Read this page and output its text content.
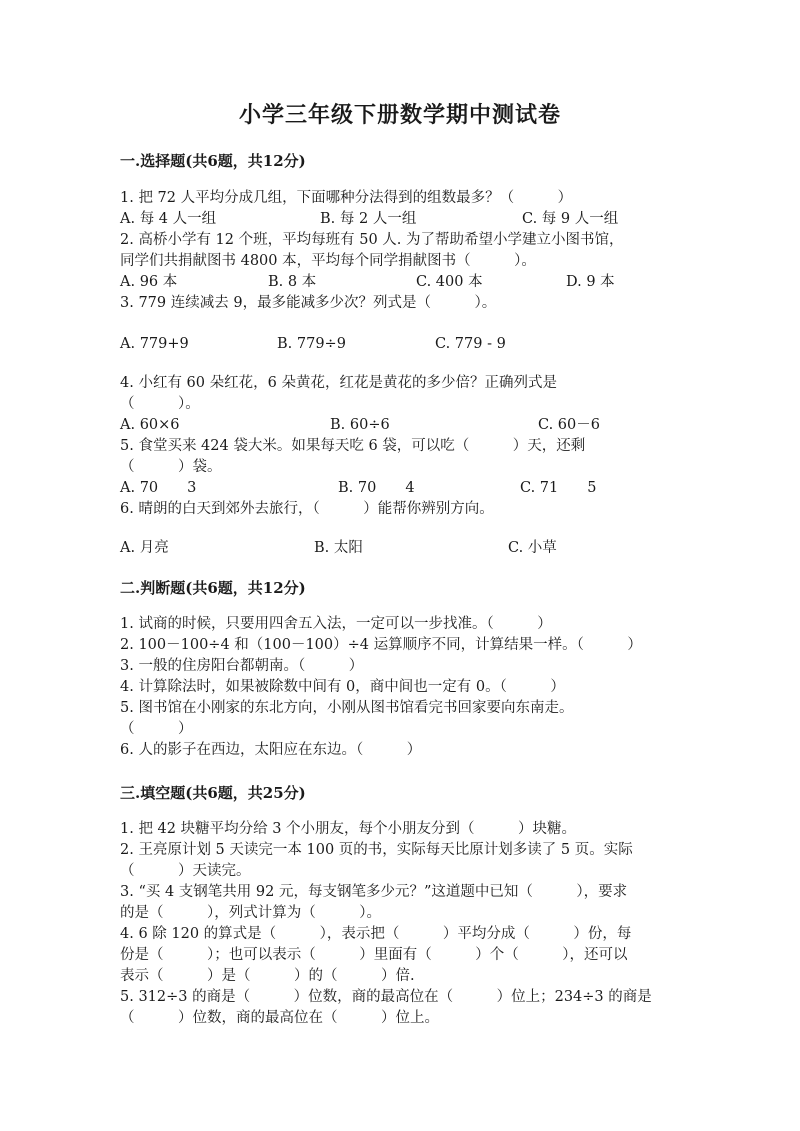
小学三年级下册数学期中测试卷
一.选择题(共6题，共12分)
1. 把 72 人平均分成几组，下面哪种分法得到的组数最多？（　　　）
A. 每 4 人一组	B. 每 2 人一组	C. 每 9 人一组
2. 高桥小学有 12 个班，平均每班有 50 人. 为了帮助希望小学建立小图书馆，
同学们共捐献图书 4800 本，平均每个同学捐献图书（　　　）。
A. 96 本	B. 8 本	C. 400 本	D. 9 本
3. 779 连续减去 9，最多能减多少次？列式是（　　　）。
A. 779+9	B. 779÷9	C. 779 - 9
4. 小红有 60 朵红花，6 朵黄花，红花是黄花的多少倍？正确列式是
（　　　）。
A. 60×6	B. 60÷6	C. 60－6
5. 食堂买来 424 袋大米。如果每天吃 6 袋，可以吃（　　　）天，还剩
（　　　）袋。
A. 70　　3	B. 70　　4	C. 71　　5
6. 晴朗的白天到郊外去旅行，（　　　）能帮你辨别方向。
A. 月亮	B. 太阳	C. 小草
二.判断题(共6题，共12分)
1. 试商的时候，只要用四舍五入法，一定可以一步找准。（　　　）
2. 100－100÷4 和（100－100）÷4 运算顺序不同，计算结果一样。（　　　）
3. 一般的住房阳台都朝南。（　　　）
4. 计算除法时，如果被除数中间有 0，商中间也一定有 0。（　　　）
5. 图书馆在小刚家的东北方向，小刚从图书馆看完书回家要向东南走。
（　　　）
6. 人的影子在西边，太阳应在东边。（　　　）
三.填空题(共6题，共25分)
1. 把 42 块糖平均分给 3 个小朋友，每个小朋友分到（　　　）块糖。
2. 王亮原计划 5 天读完一本 100 页的书，实际每天比原计划多读了 5 页。实际
（　　　）天读完。
3. “买 4 支钢笔共用 92 元，每支钢笔多少元？”这道题中已知（　　　），要求
的是（　　　），列式计算为（　　　）。
4. 6 除 120 的算式是（　　　），表示把（　　　）平均分成（　　　）份，每
份是（　　　）；也可以表示（　　　）里面有（　　　）个（　　　），还可以
表示（　　　）是（　　　）的（　　　）倍.
5. 312÷3 的商是（　　　）位数，商的最高位在（　　　）位上；234÷3 的商是
（　　　）位数，商的最高位在（　　　）位上。
